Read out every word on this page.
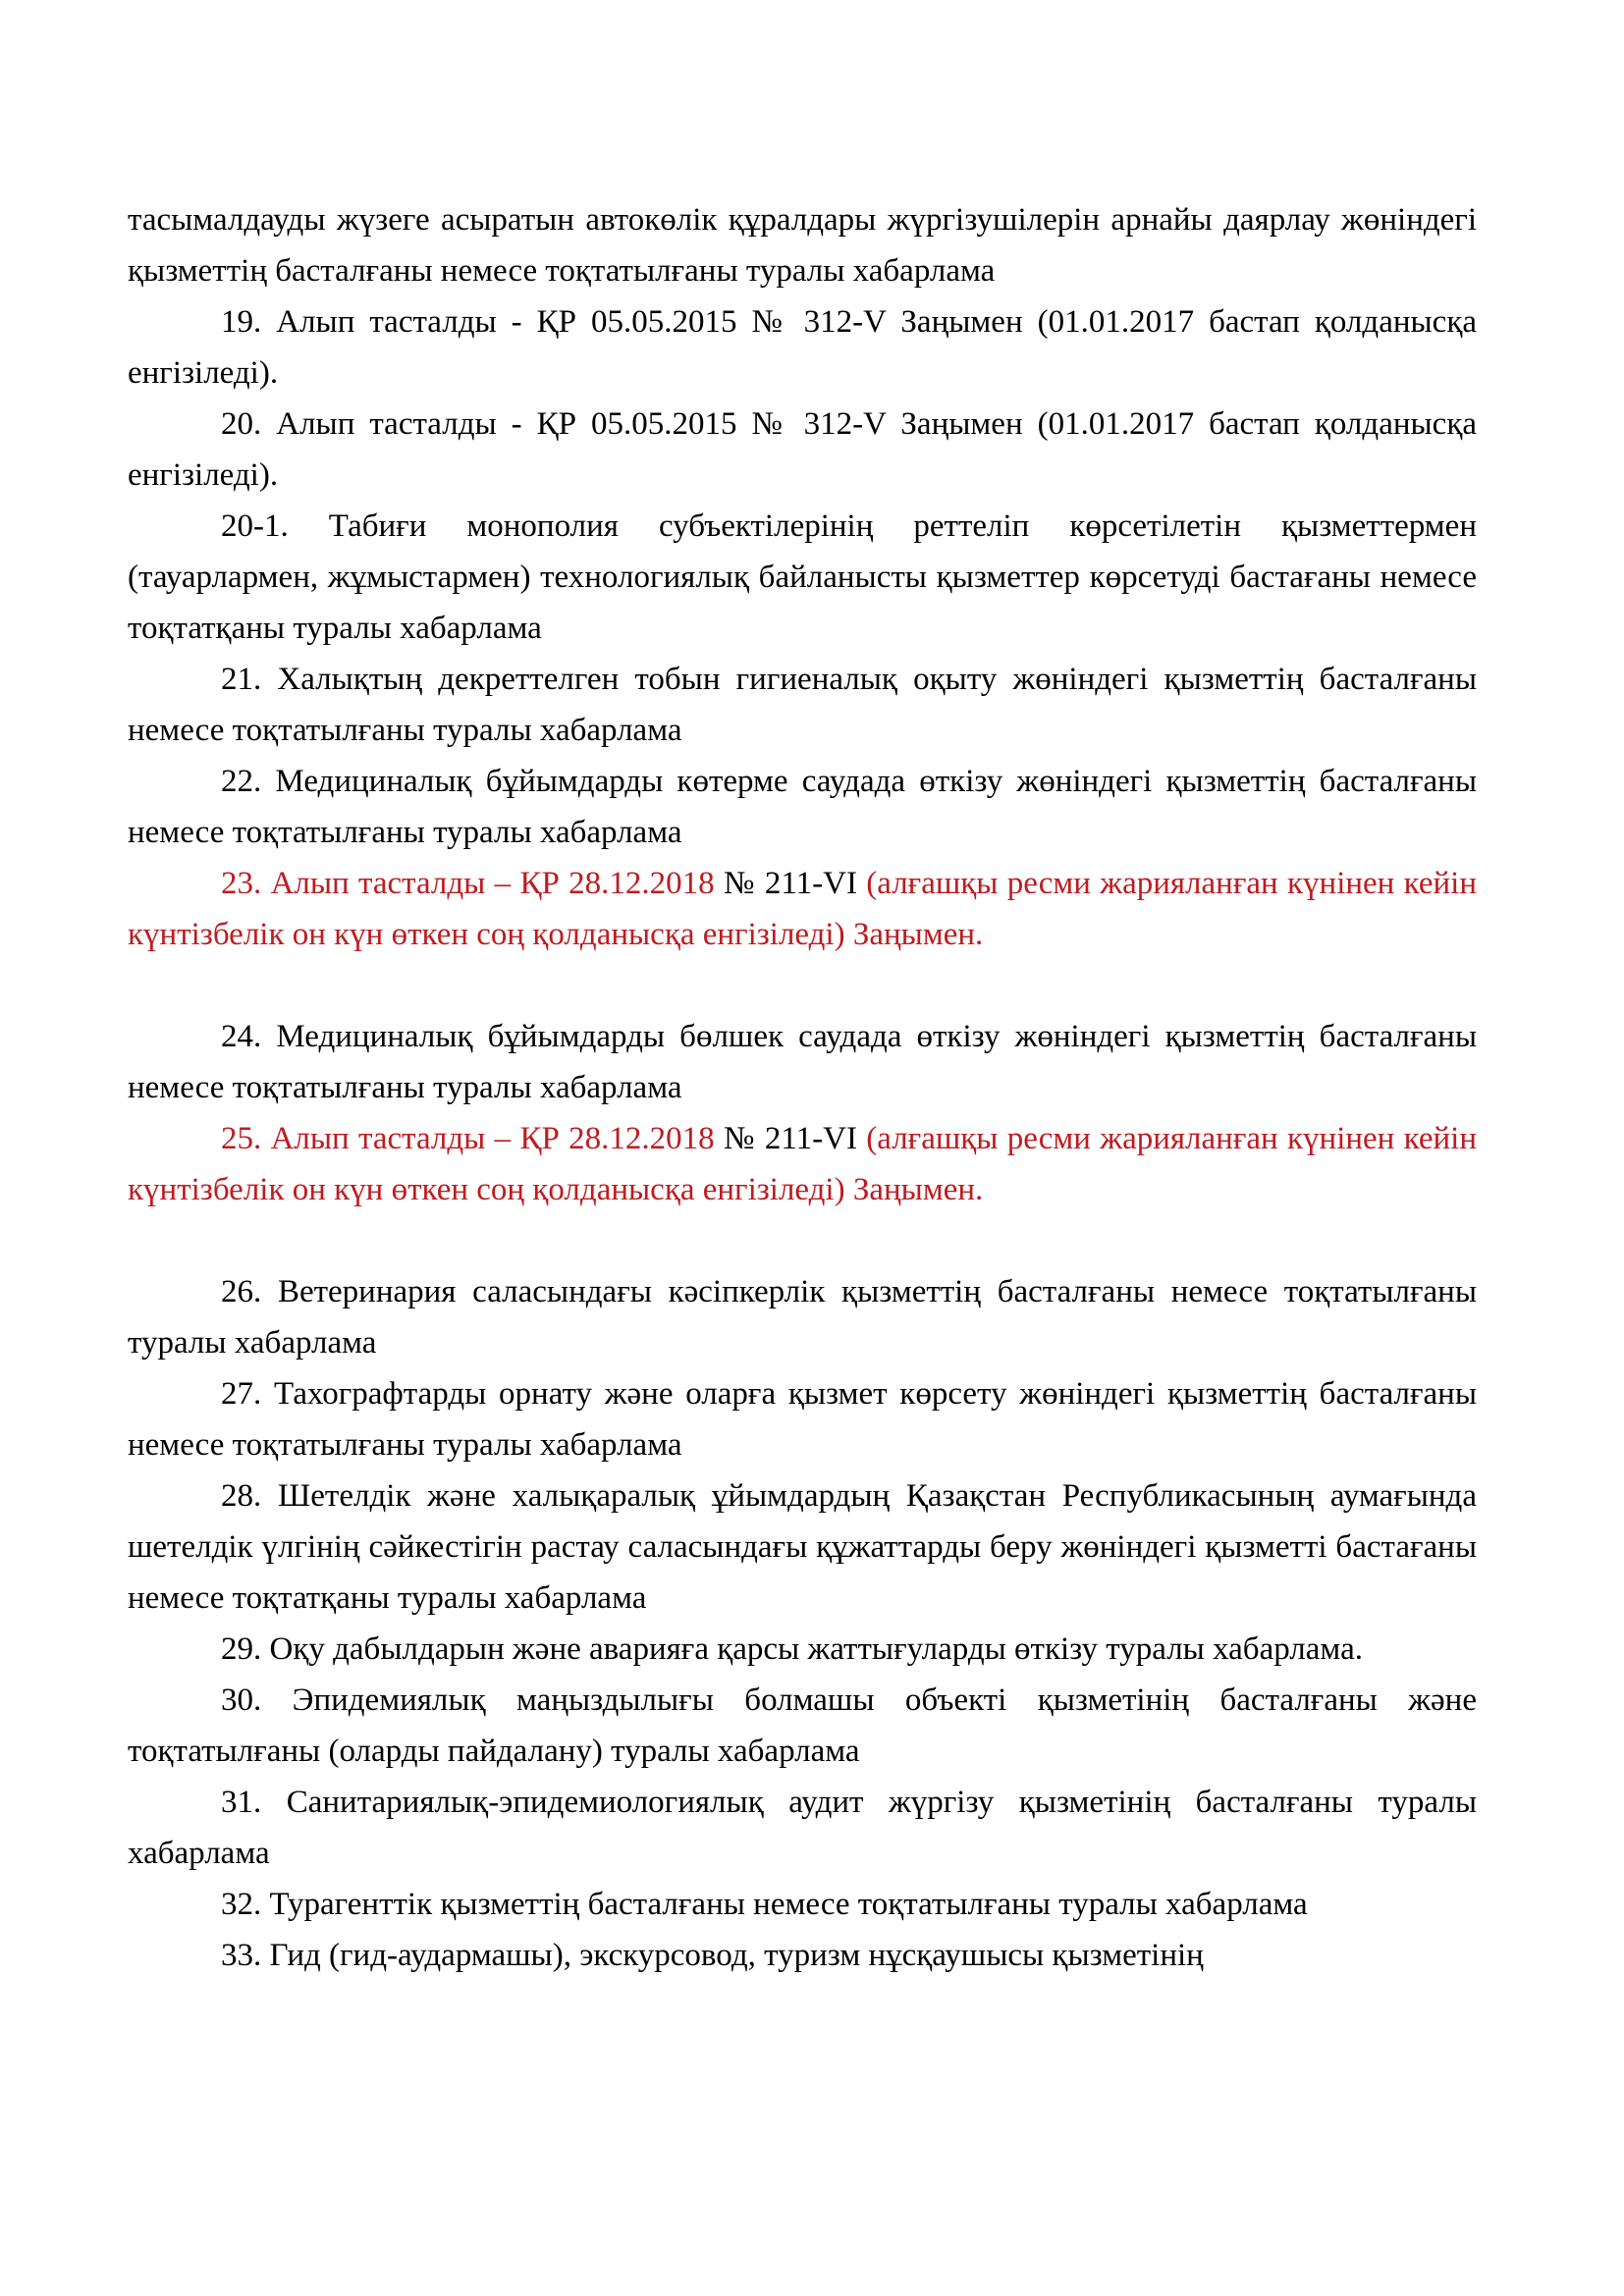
тасымалдауды жүзеге асыратын автокөлік құралдары жүргізушілерін арнайы даярлау жөніндегі қызметтің басталғаны немесе тоқтатылғаны туралы хабарлама

19. Алып тасталды - ҚР 05.05.2015 № 312-V Заңымен (01.01.2017 бастап қолданысқа енгізіледі).

20. Алып тасталды - ҚР 05.05.2015 № 312-V Заңымен (01.01.2017 бастап қолданысқа енгізіледі).

20-1. Табиғи монополия субъектілерінің реттеліп көрсетілетін қызметтермен (тауарлармен, жұмыстармен) технологиялық байланысты қызметтер көрсетуді бастағаны немесе тоқтатқаны туралы хабарлама

21. Халықтың декреттелген тобын гигиеналық оқыту жөніндегі қызметтің басталғаны немесе тоқтатылғаны туралы хабарлама

22. Медициналық бұйымдарды көтерме саудада өткізу жөніндегі қызметтің басталғаны немесе тоқтатылғаны туралы хабарлама

23. Алып тасталды – ҚР 28.12.2018 № 211-VI (алғашқы ресми жарияланған күнінен кейін күнтізбелік он күн өткен соң қолданысқа енгізіледі) Заңымен.

24. Медициналық бұйымдарды бөлшек саудада өткізу жөніндегі қызметтің басталғаны немесе тоқтатылғаны туралы хабарлама

25. Алып тасталды – ҚР 28.12.2018 № 211-VI (алғашқы ресми жарияланған күнінен кейін күнтізбелік он күн өткен соң қолданысқа енгізіледі) Заңымен.

26. Ветеринария саласындағы кәсіпкерлік қызметтің басталғаны немесе тоқтатылғаны туралы хабарлама

27. Тахографтарды орнату және оларға қызмет көрсету жөніндегі қызметтің басталғаны немесе тоқтатылғаны туралы хабарлама

28. Шетелдік және халықаралық ұйымдардың Қазақстан Республикасының аумағында шетелдік үлгінің сәйкестігін растау саласындағы құжаттарды беру жөніндегі қызметті бастағаны немесе тоқтатқаны туралы хабарлама

29. Оқу дабылдарын және аварияға қарсы жаттығуларды өткізу туралы хабарлама.

30. Эпидемиялық маңыздылығы болмашы объекті қызметінің басталғаны және тоқтатылғаны (оларды пайдалану) туралы хабарлама

31. Санитариялық-эпидемиологиялық аудит жүргізу қызметінің басталғаны туралы хабарлама

32. Турагенттік қызметтің басталғаны немесе тоқтатылғаны туралы хабарлама

33. Гид (гид-аудармашы), экскурсовод, туризм нұсқаушысы қызметінің
